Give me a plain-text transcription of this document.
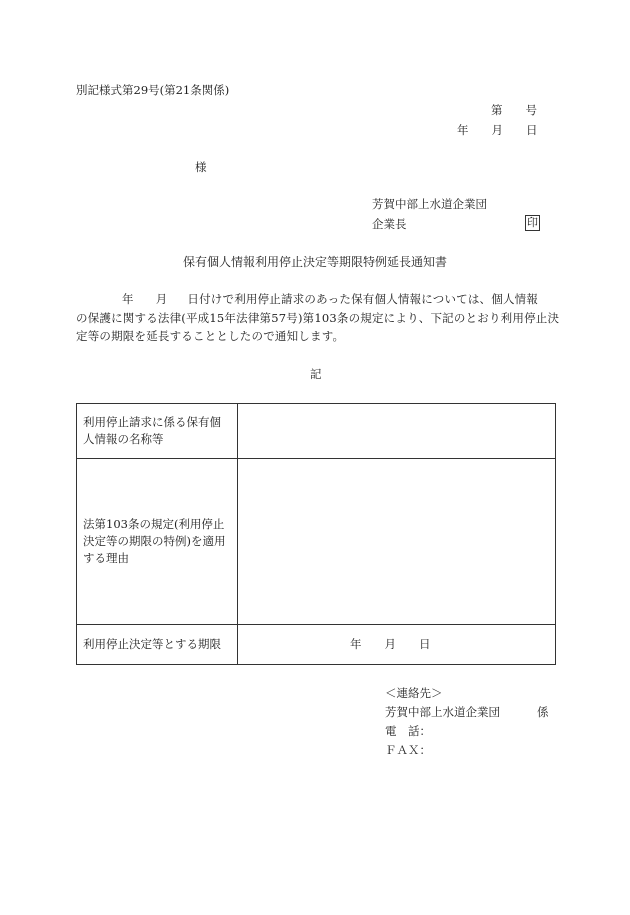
別記様式第29号(第21条関係)
第　　号
年　　月　　日
様
芳賀中部上水道企業団
企業長	印
保有個人情報利用停止決定等期限特例延長通知書
年 月 日付けで利用停止請求のあった保有個人情報については、個人情報
の保護に関する法律(平成15年法律第57号)第103条の規定により、下記のとおり利用停止決
定等の期限を延長することとしたので通知します。
記
利用停止請求に係る保有個人情報の名称等	
法第103条の規定(利用停止決定等の期限の特例)を適用する理由	
利用停止決定等とする期限	年　　月　　日
＜連絡先＞
芳賀中部上水道企業団	係
電　話：
ＦＡＸ：
